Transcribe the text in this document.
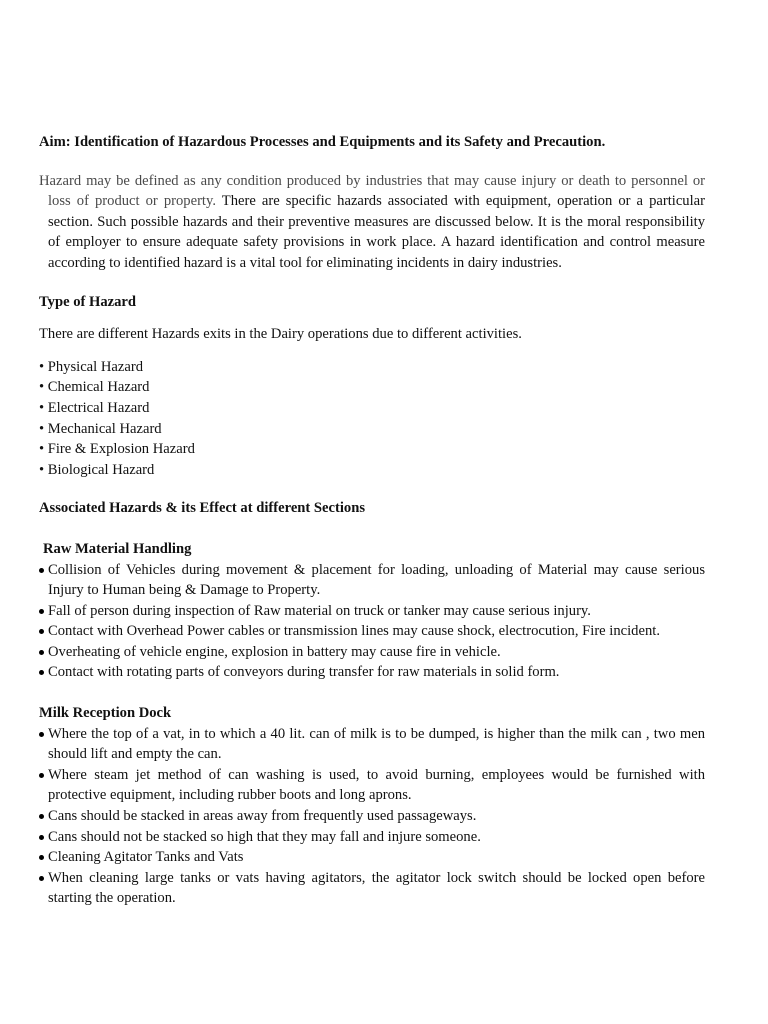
Aim: Identification of Hazardous Processes and Equipments and its Safety and Precaution.

Hazard may be defined as any condition produced by industries that may cause injury or death to personnel or loss of product or property. There are specific hazards associated with equipment, operation or a particular section. Such possible hazards and their preventive measures are discussed below. It is the moral responsibility of employer to ensure adequate safety provisions in work place. A hazard identification and control measure according to identified hazard is a vital tool for eliminating incidents in dairy industries.

Type of Hazard

There are different Hazards exits in the Dairy operations due to different activities.

• Physical Hazard
• Chemical Hazard
• Electrical Hazard
• Mechanical Hazard
• Fire & Explosion Hazard
• Biological Hazard
Associated Hazards & its Effect at different Sections
Raw Material Handling
Collision of Vehicles during movement & placement for loading, unloading of Material may cause serious Injury to Human being & Damage to Property.
Fall of person during inspection of Raw material on truck or tanker may cause serious injury.
Contact with Overhead Power cables or transmission lines may cause shock, electrocution, Fire incident.
Overheating of vehicle engine, explosion in battery may cause fire in vehicle.
Contact with rotating parts of conveyors during transfer for raw materials in solid form.
Milk Reception Dock
Where the top of a vat, in to which a 40 lit. can of milk is to be dumped, is higher than the milk can , two men should lift and empty the can.
Where steam jet method of can washing is used, to avoid burning, employees would be furnished with protective equipment, including rubber boots and long aprons.
Cans should be stacked in areas away from frequently used passageways.
Cans should not be stacked so high that they may fall and injure someone.
Cleaning Agitator Tanks and Vats
When cleaning large tanks or vats having agitators, the agitator lock switch should be locked open before starting the operation.
